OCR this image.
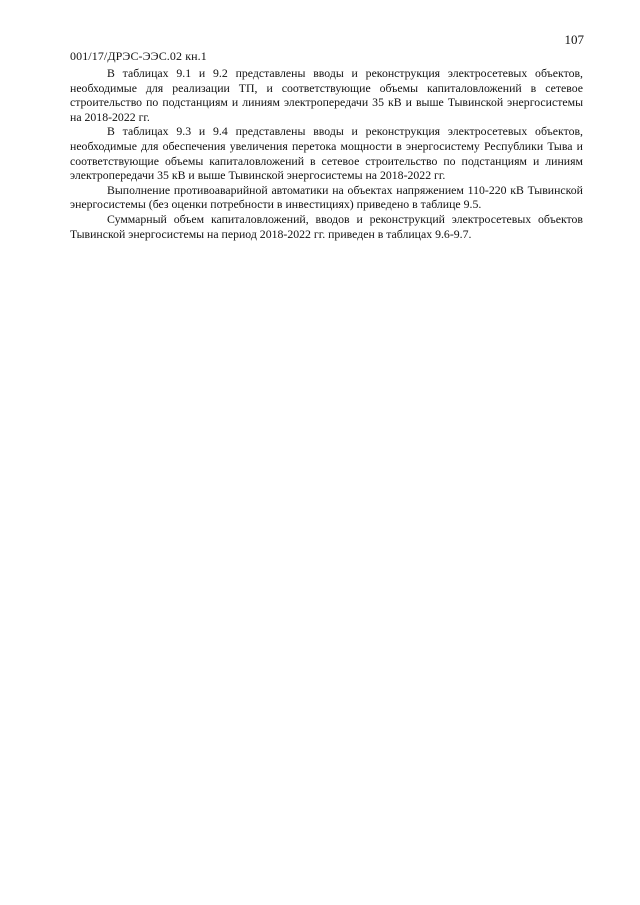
107
001/17/ДРЭС-ЭЭС.02 кн.1

В таблицах 9.1 и 9.2 представлены вводы и реконструкция электросетевых объектов, необходимые для реализации ТП, и соответствующие объемы капиталовложений в сетевое строительство по подстанциям и линиям электропередачи 35 кВ и выше Тывинской энергосистемы на 2018-2022 гг.

В таблицах 9.3 и 9.4 представлены вводы и реконструкция электросетевых объектов, необходимые для обеспечения увеличения перетока мощности в энергосистему Республики Тыва и соответствующие объемы капиталовложений в сетевое строительство по подстанциям и линиям электропередачи 35 кВ и выше Тывинской энергосистемы на 2018-2022 гг.

Выполнение противоаварийной автоматики на объектах напряжением 110-220 кВ Тывинской энергосистемы (без оценки потребности в инвестициях) приведено в таблице 9.5.

Суммарный объем капиталовложений, вводов и реконструкций электросетевых объектов Тывинской энергосистемы на период 2018-2022 гг. приведен в таблицах 9.6-9.7.
